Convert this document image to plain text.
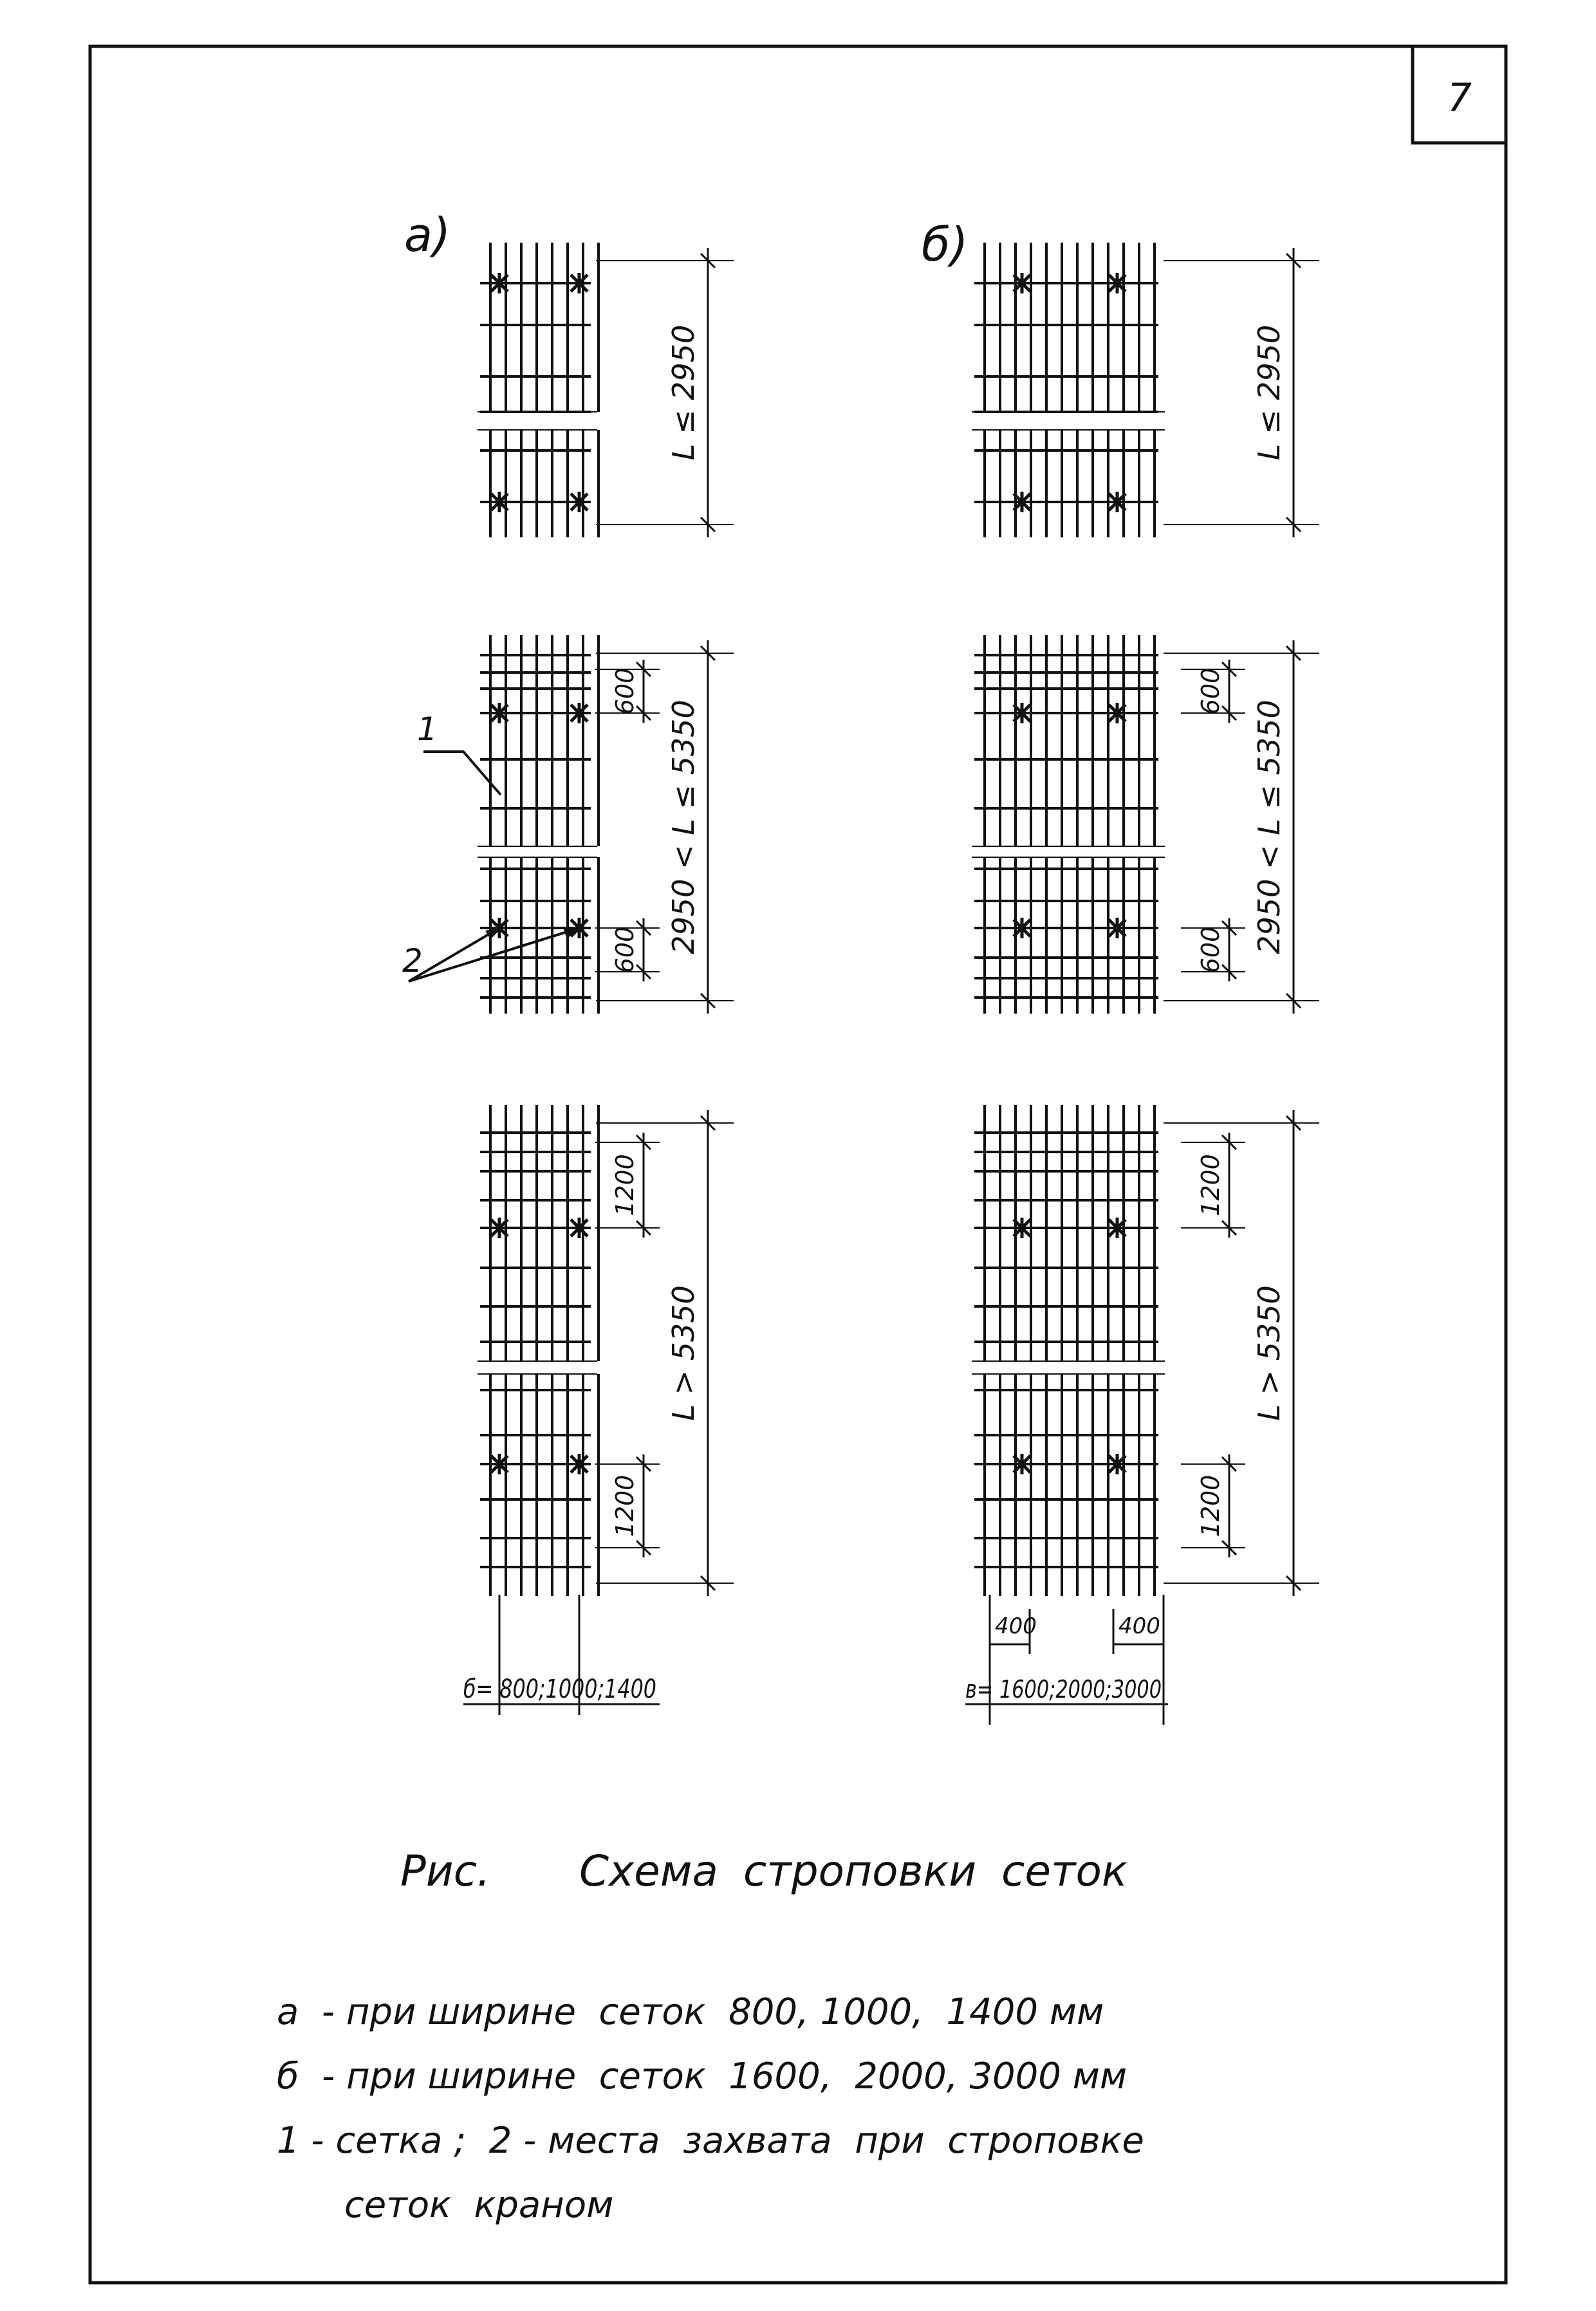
7
а)	б)
L ≤ 2950
2950 < L ≤ 5350
600
600
L > 5350
1200
1200
L ≤ 2950
2950 < L ≤ 5350
600
600
L > 5350
1200
1200
1
2
б= 800;1000;1400
400	400
в= 1600;2000;3000
Рис. Схема строповки сеток
а  - при ширине  сеток  800, 1000,  1400 мм
б  - при ширине  сеток  1600,  2000, 3000 мм
1 - сетка ;  2 - места  захвата  при  строповке
сеток  краном
